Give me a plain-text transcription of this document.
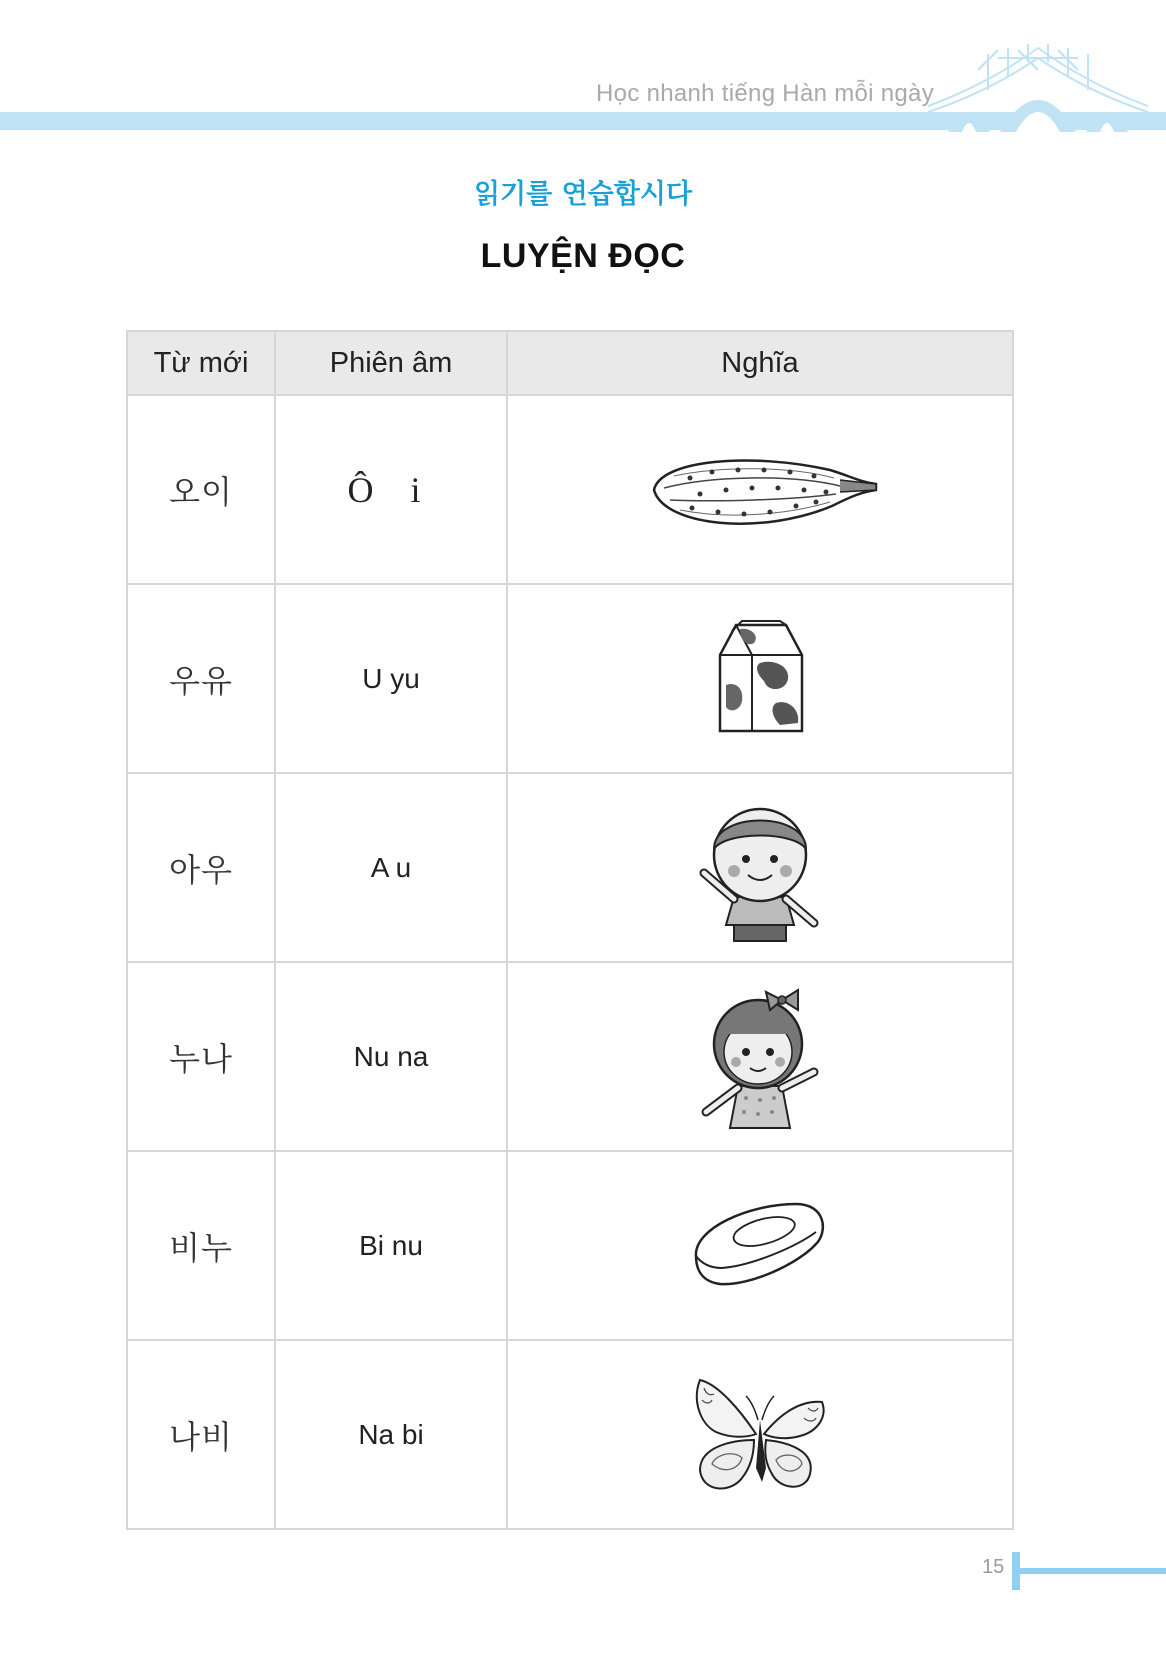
Học nhanh tiếng Hàn mỗi ngày
읽기를 연습합시다
LUYỆN ĐỌC
Từ mới	Phiên âm	Nghĩa
오이	Ô i	

우유	U yu	

아우	A u	

누나	Nu na	

비누	Bi nu	

나비	Na bi	
15
